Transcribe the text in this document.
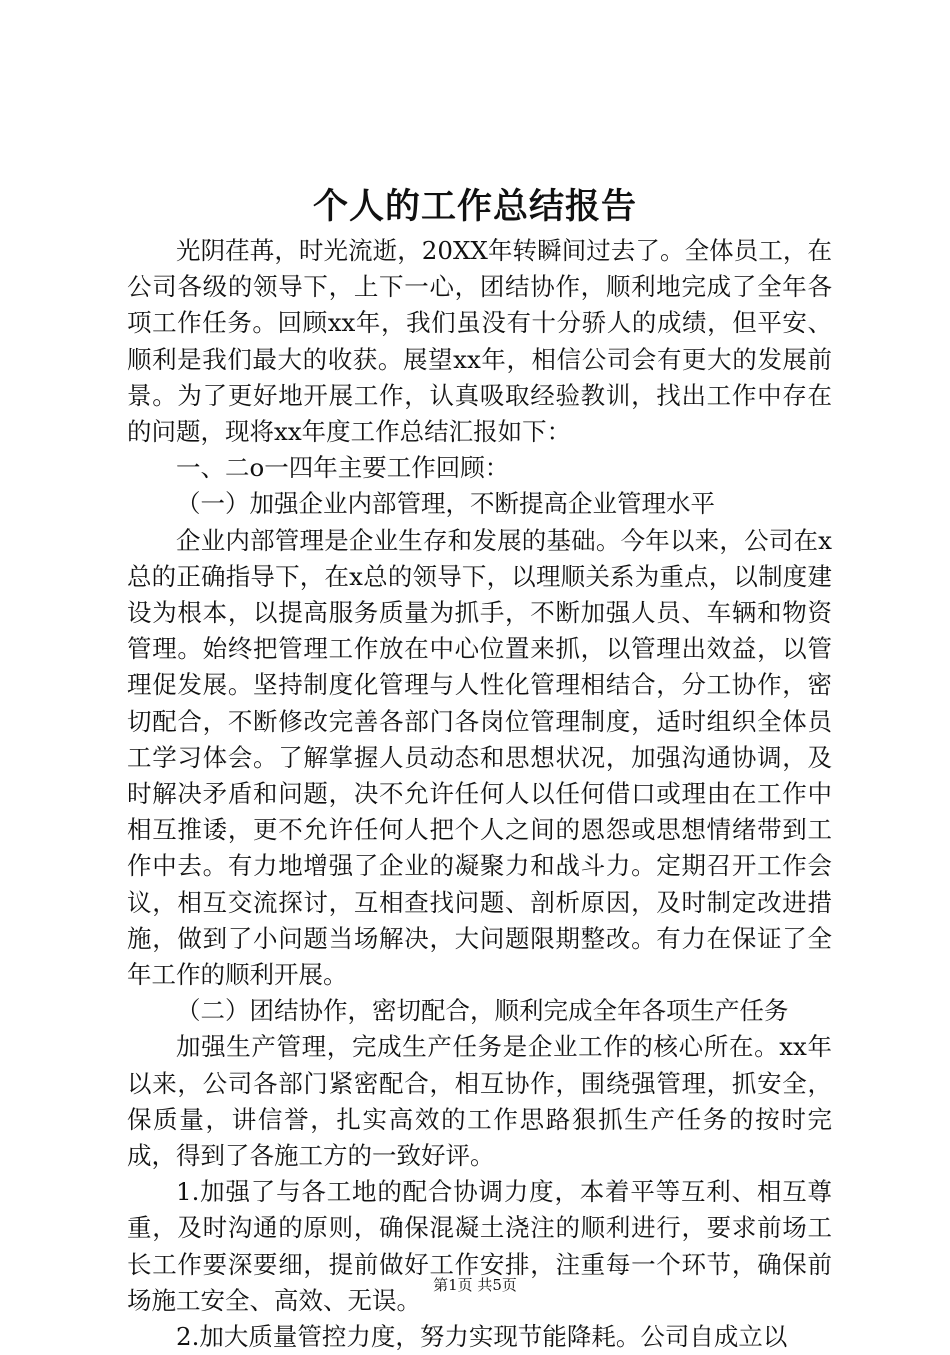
个人的工作总结报告

光阴荏苒，时光流逝，20XX年转瞬间过去了。全体员工，在公司各级的领导下，上下一心，团结协作，顺利地完成了全年各项工作任务。回顾xx年，我们虽没有十分骄人的成绩，但平安、顺利是我们最大的收获。展望xx年，相信公司会有更大的发展前景。为了更好地开展工作，认真吸取经验教训，找出工作中存在的问题，现将xx年度工作总结汇报如下：

一、二o一四年主要工作回顾：

（一）加强企业内部管理，不断提高企业管理水平

企业内部管理是企业生存和发展的基础。今年以来，公司在x总的正确指导下，在x总的领导下，以理顺关系为重点，以制度建设为根本，以提高服务质量为抓手，不断加强人员、车辆和物资管理。始终把管理工作放在中心位置来抓，以管理出效益，以管理促发展。坚持制度化管理与人性化管理相结合，分工协作，密切配合，不断修改完善各部门各岗位管理制度，适时组织全体员工学习体会。了解掌握人员动态和思想状况，加强沟通协调，及时解决矛盾和问题，决不允许任何人以任何借口或理由在工作中相互推诿，更不允许任何人把个人之间的恩怨或思想情绪带到工作中去。有力地增强了企业的凝聚力和战斗力。定期召开工作会议，相互交流探讨，互相查找问题、剖析原因，及时制定改进措施，做到了小问题当场解决，大问题限期整改。有力在保证了全年工作的顺利开展。

（二）团结协作，密切配合，顺利完成全年各项生产任务

加强生产管理，完成生产任务是企业工作的核心所在。xx年以来，公司各部门紧密配合，相互协作，围绕强管理，抓安全，保质量，讲信誉，扎实高效的工作思路狠抓生产任务的按时完成，得到了各施工方的一致好评。

1.加强了与各工地的配合协调力度，本着平等互利、相互尊重，及时沟通的原则，确保混凝土浇注的顺利进行，要求前场工长工作要深要细，提前做好工作安排，注重每一个环节，确保前场施工安全、高效、无误。

2.加大质量管控力度，努力实现节能降耗。公司自成立以

第1页 共5页
